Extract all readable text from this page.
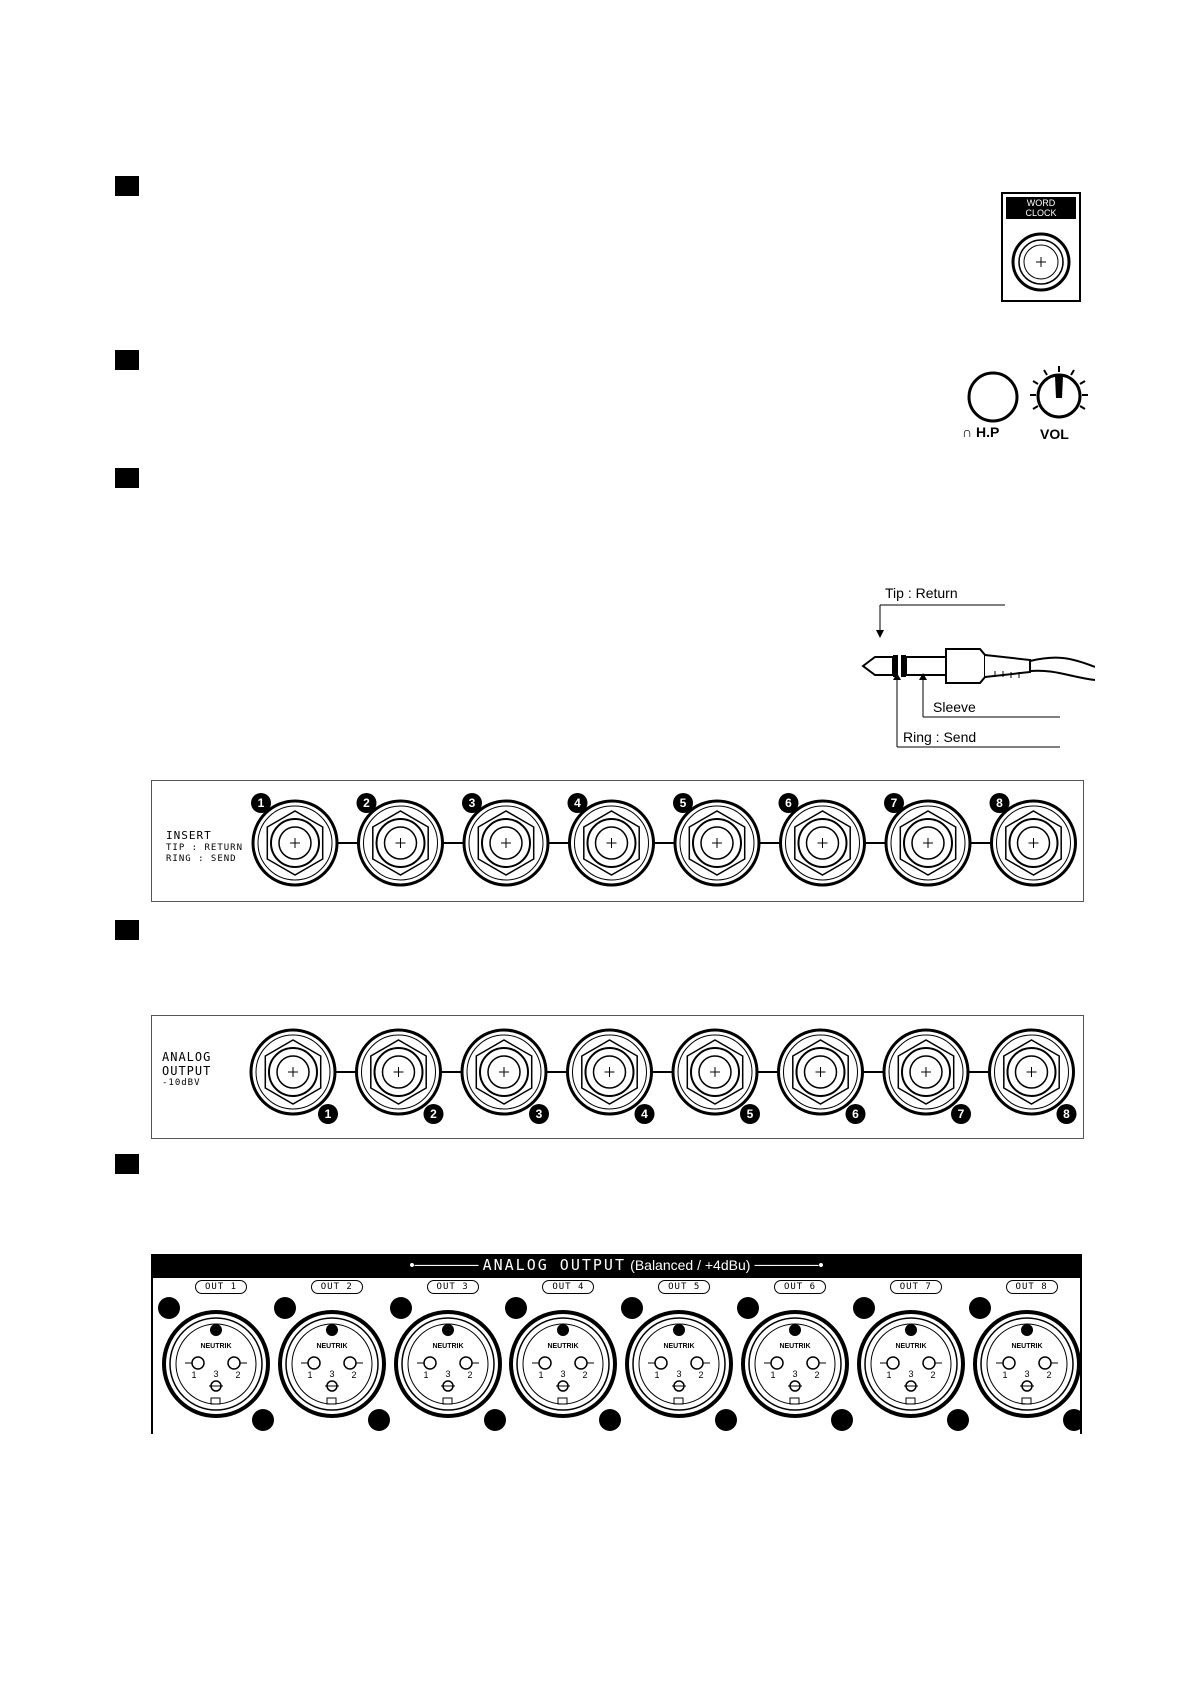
WORD
CLOCK
∩ H.P	VOL
Tip : Return
Sleeve
Ring : Send
INSERT
TIP : RETURN
RING : SEND
1	2	3	4	5	6	7	8
ANALOG
OUTPUT
-10dBV
1	2	3	4	5	6	7	8
•────── ANALOG OUTPUT (Balanced / +4dBu) ──────•
OUT 1
NEUTRIK
1	2
3
OUT 2
NEUTRIK
1	2
3
OUT 3
NEUTRIK
1	2
3
OUT 4
NEUTRIK
1	2
3
OUT 5
NEUTRIK
1	2
3
OUT 6
NEUTRIK
1	2
3
OUT 7
NEUTRIK
1	2
3
OUT 8
NEUTRIK
1	2
3
